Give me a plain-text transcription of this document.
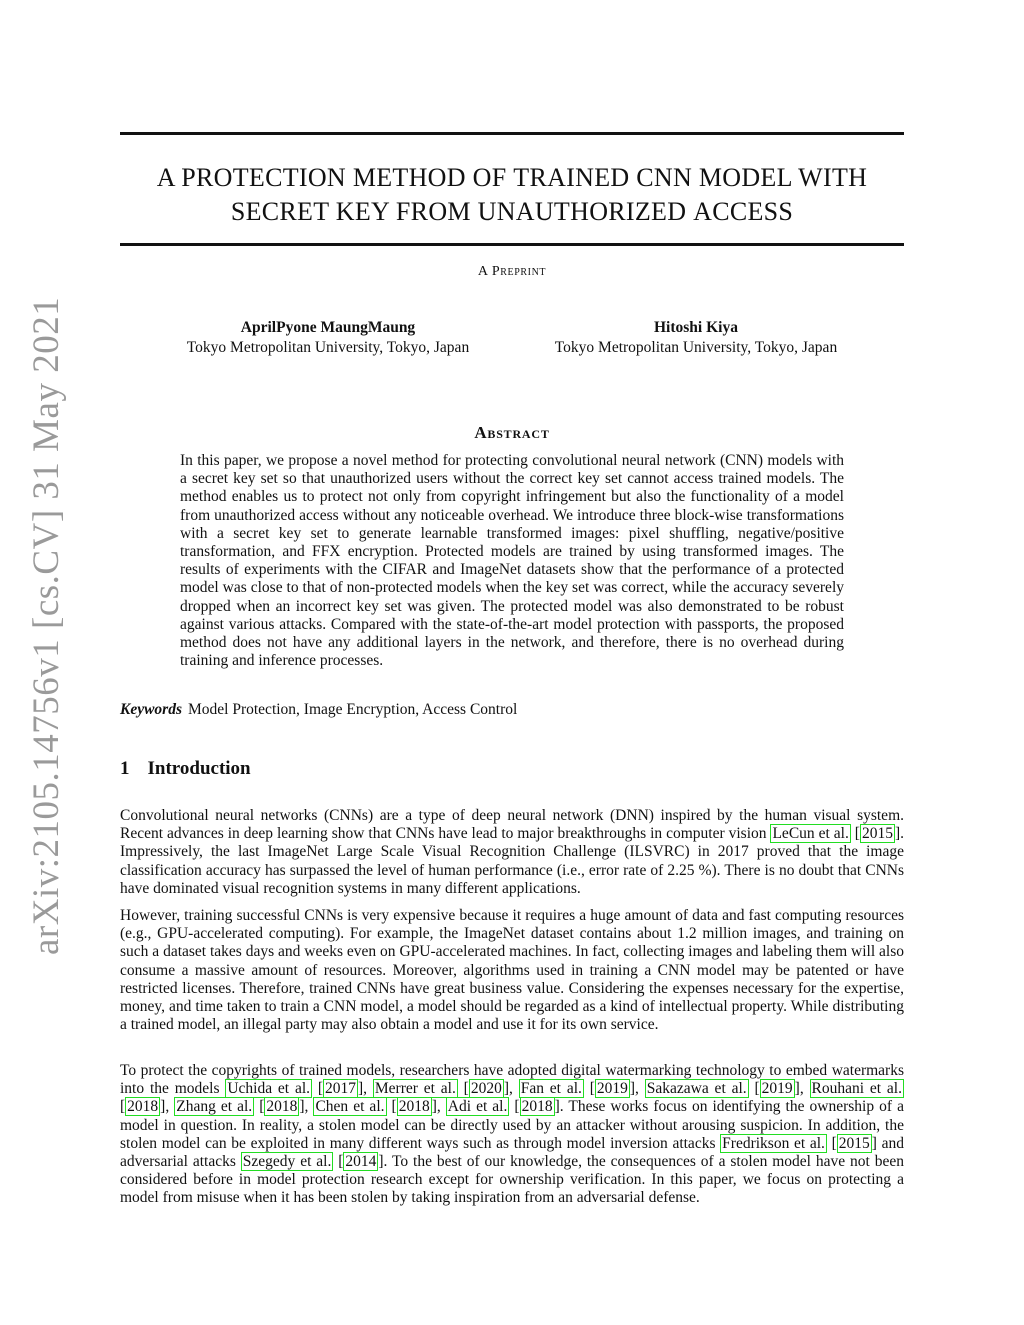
arXiv:2105.14756v1 [cs.CV] 31 May 2021
A PROTECTION METHOD OF TRAINED CNN MODEL WITH
SECRET KEY FROM UNAUTHORIZED ACCESS
A Preprint
AprilPyone MaungMaung
Tokyo Metropolitan University, Tokyo, Japan
Hitoshi Kiya
Tokyo Metropolitan University, Tokyo, Japan
Abstract
In this paper, we propose a novel method for protecting convolutional neural network (CNN) models with a secret key set so that unauthorized users without the correct key set cannot access trained models. The method enables us to protect not only from copyright infringement but also the functionality of a model from unauthorized access without any noticeable overhead. We introduce three block-wise transformations with a secret key set to generate learnable transformed images: pixel shuffling, negative/positive transformation, and FFX encryption. Protected models are trained by using transformed images. The results of experiments with the CIFAR and ImageNet datasets show that the performance of a protected model was close to that of non-protected models when the key set was correct, while the accuracy severely dropped when an incorrect key set was given. The protected model was also demonstrated to be robust against various attacks. Compared with the state-of-the-art model protection with passports, the proposed method does not have any additional layers in the network, and therefore, there is no overhead during training and inference processes.
Keywords Model Protection, Image Encryption, Access Control
1 Introduction
Convolutional neural networks (CNNs) are a type of deep neural network (DNN) inspired by the human visual system. Recent advances in deep learning show that CNNs have lead to major breakthroughs in computer vision LeCun et al. [ 2015 ]. Impressively, the last ImageNet Large Scale Visual Recognition Challenge (ILSVRC) in 2017 proved that the image classification accuracy has surpassed the level of human performance (i.e., error rate of 2.25 %). There is no doubt that CNNs have dominated visual recognition systems in many different applications.
However, training successful CNNs is very expensive because it requires a huge amount of data and fast computing resources (e.g., GPU-accelerated computing). For example, the ImageNet dataset contains about 1.2 million images, and training on such a dataset takes days and weeks even on GPU-accelerated machines. In fact, collecting images and labeling them will also consume a massive amount of resources. Moreover, algorithms used in training a CNN model may be patented or have restricted licenses. Therefore, trained CNNs have great business value. Considering the expenses necessary for the expertise, money, and time taken to train a CNN model, a model should be regarded as a kind of intellectual property. While distributing a trained model, an illegal party may also obtain a model and use it for its own service.
To protect the copyrights of trained models, researchers have adopted digital watermarking technology to embed watermarks into the models Uchida et al. [ 2017 ], Merrer et al. [ 2020 ], Fan et al. [ 2019 ], Sakazawa et al. [ 2019 ], Rouhani et al. [ 2018 ], Zhang et al. [ 2018 ], Chen et al. [ 2018 ], Adi et al. [ 2018 ]. These works focus on identifying the ownership of a model in question. In reality, a stolen model can be directly used by an attacker without arousing suspicion. In addition, the stolen model can be exploited in many different ways such as through model inversion attacks Fredrikson et al. [ 2015 ] and adversarial attacks Szegedy et al. [ 2014 ]. To the best of our knowledge, the consequences of a stolen model have not been considered before in model protection research except for ownership verification. In this paper, we focus on protecting a model from misuse when it has been stolen by taking inspiration from an adversarial defense.
